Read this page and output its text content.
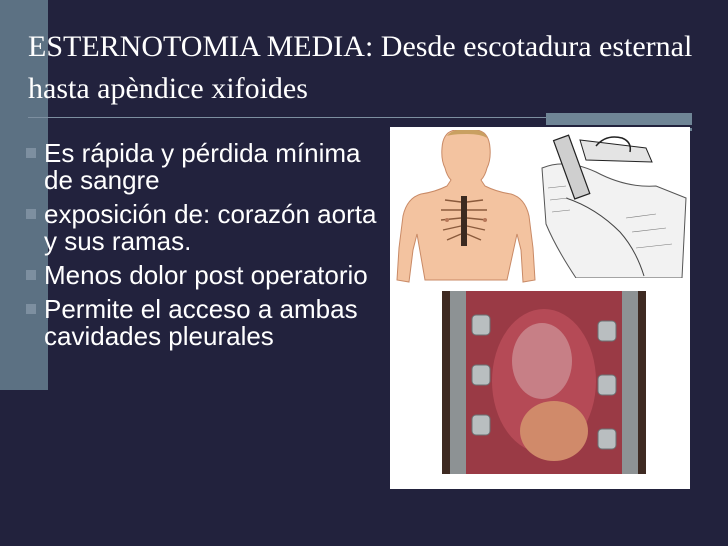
ESTERNOTOMIA MEDIA: Desde escotadura esternal hasta apèndice xifoides
Es rápida y pérdida mínima de sangre
exposición de: corazón aorta y sus ramas.
Menos dolor post operatorio
Permite el acceso a ambas cavidades pleurales
